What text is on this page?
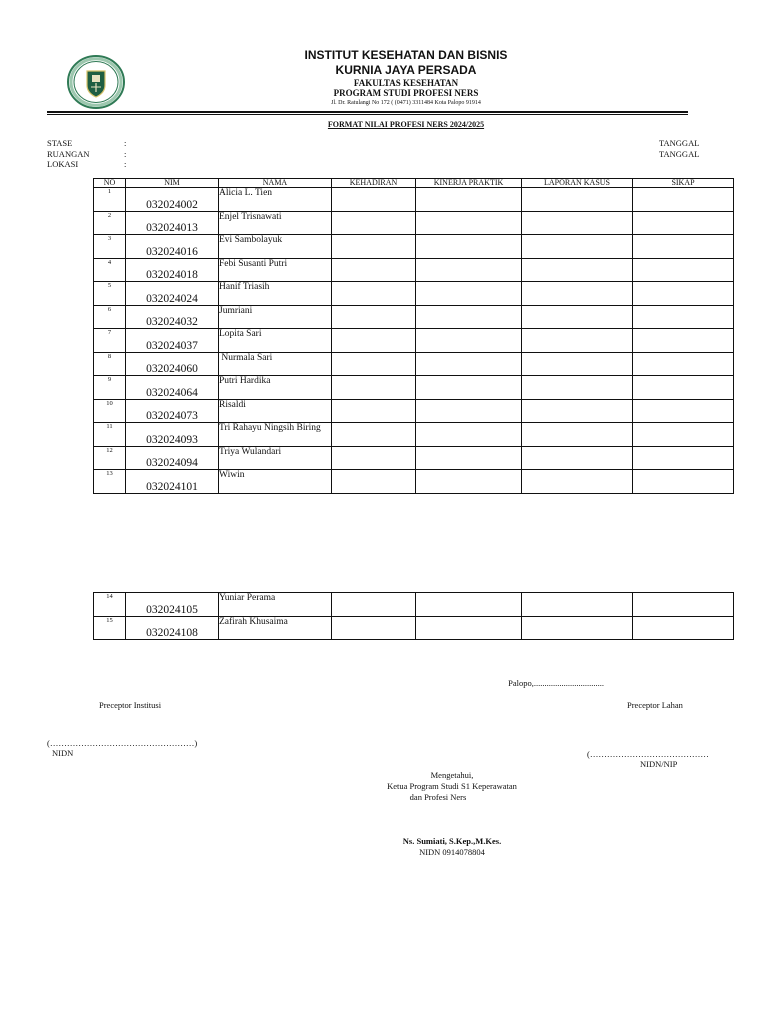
INSTITUT KESEHATAN DAN BISNIS
KURNIA JAYA PERSADA
FAKULTAS KESEHATAN
PROGRAM STUDI PROFESI NERS
Jl. Dr. Ratulangi No 172 ( (0471) 3311484 Kota Palopo 91914
FORMAT NILAI PROFESI NERS 2024/2025
STASE	:
RUANGAN	:
LOKASI	:
TANGGAL
TANGGAL
NO	NIM	NAMA	KEHADIRAN	KINERJA PRAKTIK	LAPORAN KASUS	SIKAP
1	032024002	Alicia L. Tien				
2	032024013	Enjel Trisnawati				
3	032024016	Evi Sambolayuk				
4	032024018	Febi Susanti Putri				
5	032024024	Hanif Triasih				
6	032024032	Jumriani				
7	032024037	Lopita Sari				
8	032024060	Nurmala Sari				
9	032024064	Putri Hardika				
10	032024073	Risaldi				
11	032024093	Tri Rahayu Ningsih Biring				
12	032024094	Triya Wulandari				
13	032024101	Wiwin				
14	032024105	Yuniar Perama				
15	032024108	Zafirah Khusaima				
Palopo,.................................
Preceptor Institusi	Preceptor Lahan
(……………………………………………)
NIDN	(……………………………………
NIDN/NIP
Mengetahui,
Ketua Program Studi S1 Keperawatan
dan Profesi Ners
Ns. Sumiati, S.Kep.,M.Kes.
NIDN 0914078804
